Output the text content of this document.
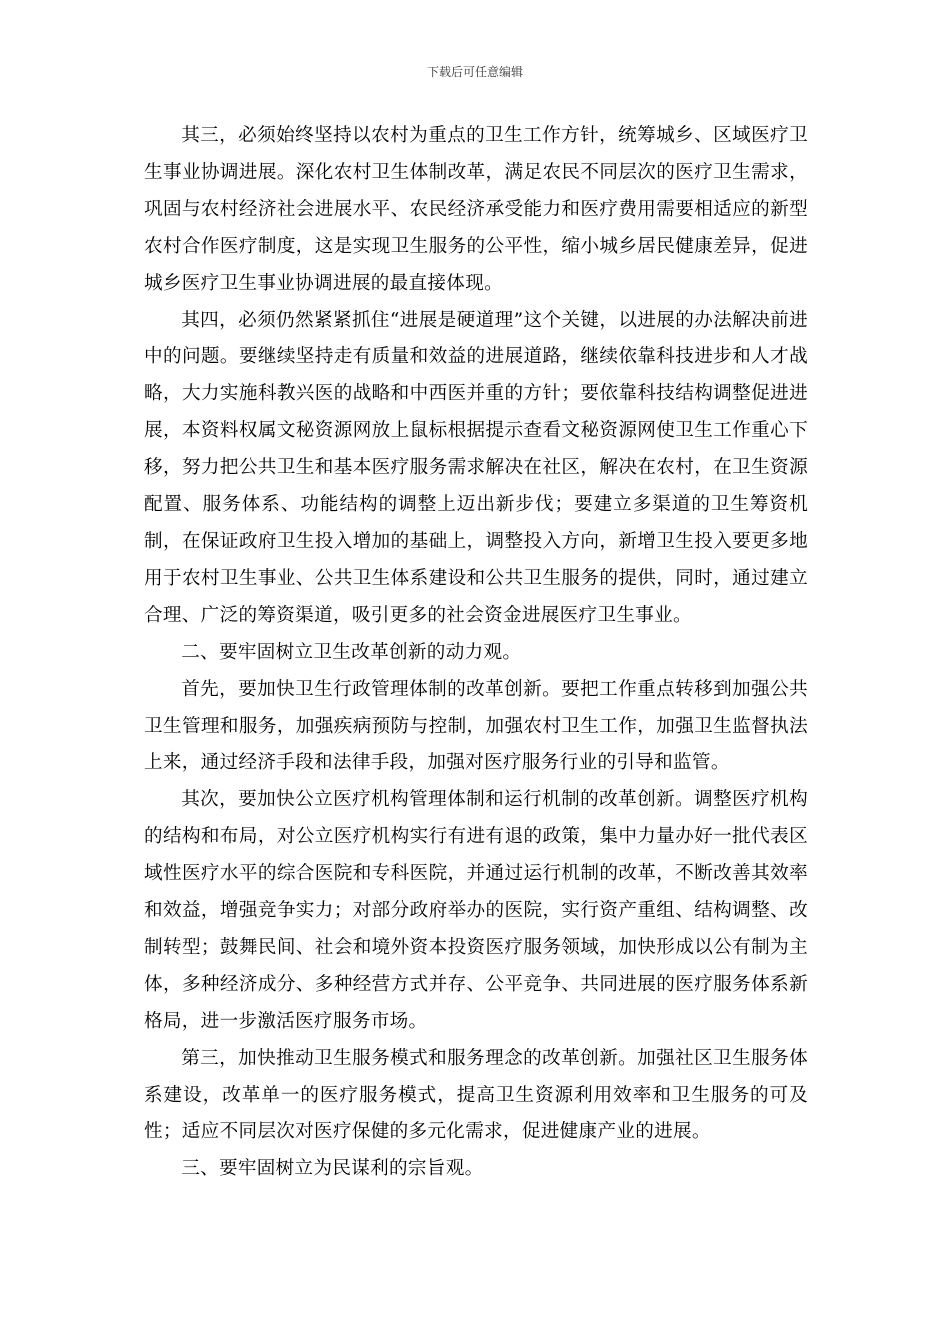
下载后可任意编辑

其三，必须始终坚持以农村为重点的卫生工作方针，统筹城乡、区域医疗卫生事业协调进展。深化农村卫生体制改革，满足农民不同层次的医疗卫生需求，巩固与农村经济社会进展水平、农民经济承受能力和医疗费用需要相适应的新型农村合作医疗制度，这是实现卫生服务的公平性，缩小城乡居民健康差异，促进城乡医疗卫生事业协调进展的最直接体现。

其四，必须仍然紧紧抓住“进展是硬道理”这个关键，以进展的办法解决前进中的问题。要继续坚持走有质量和效益的进展道路，继续依靠科技进步和人才战略，大力实施科教兴医的战略和中西医并重的方针；要依靠科技结构调整促进进展，本资料权属文秘资源网放上鼠标根据提示查看文秘资源网使卫生工作重心下移，努力把公共卫生和基本医疗服务需求解决在社区，解决在农村，在卫生资源配置、服务体系、功能结构的调整上迈出新步伐；要建立多渠道的卫生筹资机制，在保证政府卫生投入增加的基础上，调整投入方向，新增卫生投入要更多地用于农村卫生事业、公共卫生体系建设和公共卫生服务的提供，同时，通过建立合理、广泛的筹资渠道，吸引更多的社会资金进展医疗卫生事业。

二、要牢固树立卫生改革创新的动力观。

首先，要加快卫生行政管理体制的改革创新。要把工作重点转移到加强公共卫生管理和服务，加强疾病预防与控制，加强农村卫生工作，加强卫生监督执法上来，通过经济手段和法律手段，加强对医疗服务行业的引导和监管。

其次，要加快公立医疗机构管理体制和运行机制的改革创新。调整医疗机构的结构和布局，对公立医疗机构实行有进有退的政策，集中力量办好一批代表区域性医疗水平的综合医院和专科医院，并通过运行机制的改革，不断改善其效率和效益，增强竞争实力；对部分政府举办的医院，实行资产重组、结构调整、改制转型；鼓舞民间、社会和境外资本投资医疗服务领域，加快形成以公有制为主体，多种经济成分、多种经营方式并存、公平竞争、共同进展的医疗服务体系新格局，进一步激活医疗服务市场。

第三，加快推动卫生服务模式和服务理念的改革创新。加强社区卫生服务体系建设，改革单一的医疗服务模式，提高卫生资源利用效率和卫生服务的可及性；适应不同层次对医疗保健的多元化需求，促进健康产业的进展。

三、要牢固树立为民谋利的宗旨观。
